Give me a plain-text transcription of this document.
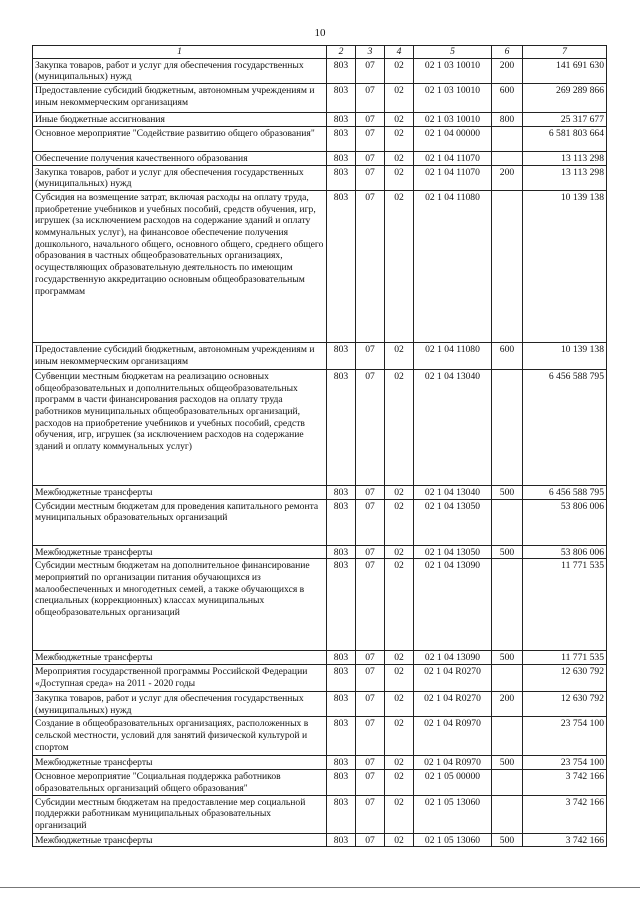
10
1	2	3	4	5	6	7
Закупка товаров, работ и услуг для обеспечения государственных (муниципальных) нужд	803	07	02	02 1 03 10010	200	141 691 630
Предоставление субсидий бюджетным, автономным учреждениям и иным некоммерческим организациям	803	07	02	02 1 03 10010	600	269 289 866
Иные бюджетные ассигнования	803	07	02	02 1 03 10010	800	25 317 677
Основное мероприятие "Содействие развитию общего образования"	803	07	02	02 1 04 00000		6 581 803 664
Обеспечение получения качественного образования	803	07	02	02 1 04 11070		13 113 298
Закупка товаров, работ и услуг для обеспечения государственных (муниципальных) нужд	803	07	02	02 1 04 11070	200	13 113 298
Субсидия на возмещение затрат, включая расходы на оплату труда, приобретение учебников и учебных пособий, средств обучения, игр, игрушек (за исключением расходов на содержание зданий и оплату коммунальных услуг), на финансовое обеспечение получения дошкольного, начального общего, основного общего, среднего общего образования в частных общеобразовательных организациях, осуществляющих образовательную деятельность по имеющим государственную аккредитацию основным общеобразовательным программам	803	07	02	02 1 04 11080		10 139 138
Предоставление субсидий бюджетным, автономным учреждениям и иным некоммерческим организациям	803	07	02	02 1 04 11080	600	10 139 138
Субвенции местным бюджетам на реализацию основных общеобразовательных и дополнительных общеобразовательных программ в части финансирования расходов на оплату труда работников муниципальных общеобразовательных организаций, расходов на приобретение учебников и учебных пособий, средств обучения, игр, игрушек (за исключением расходов на содержание зданий и оплату коммунальных услуг)	803	07	02	02 1 04 13040		6 456 588 795
Межбюджетные трансферты	803	07	02	02 1 04 13040	500	6 456 588 795
Субсидии местным бюджетам для проведения капитального ремонта муниципальных образовательных организаций	803	07	02	02 1 04 13050		53 806 006
Межбюджетные трансферты	803	07	02	02 1 04 13050	500	53 806 006
Субсидии местным бюджетам на дополнительное финансирование мероприятий по организации питания обучающихся из малообеспеченных и многодетных семей, а также обучающихся в специальных (коррекционных) классах муниципальных общеобразовательных организаций	803	07	02	02 1 04 13090		11 771 535
Межбюджетные трансферты	803	07	02	02 1 04 13090	500	11 771 535
Мероприятия государственной программы Российской Федерации «Доступная среда» на 2011 - 2020 годы	803	07	02	02 1 04 R0270		12 630 792
Закупка товаров, работ и услуг для обеспечения государственных (муниципальных) нужд	803	07	02	02 1 04 R0270	200	12 630 792
Создание в общеобразовательных организациях, расположенных в сельской местности, условий для занятий физической культурой и спортом	803	07	02	02 1 04 R0970		23 754 100
Межбюджетные трансферты	803	07	02	02 1 04 R0970	500	23 754 100
Основное мероприятие "Социальная поддержка работников образовательных организаций общего образования"	803	07	02	02 1 05 00000		3 742 166
Субсидии местным бюджетам на предоставление мер социальной поддержки работникам муниципальных образовательных организаций	803	07	02	02 1 05 13060		3 742 166
Межбюджетные трансферты	803	07	02	02 1 05 13060	500	3 742 166
